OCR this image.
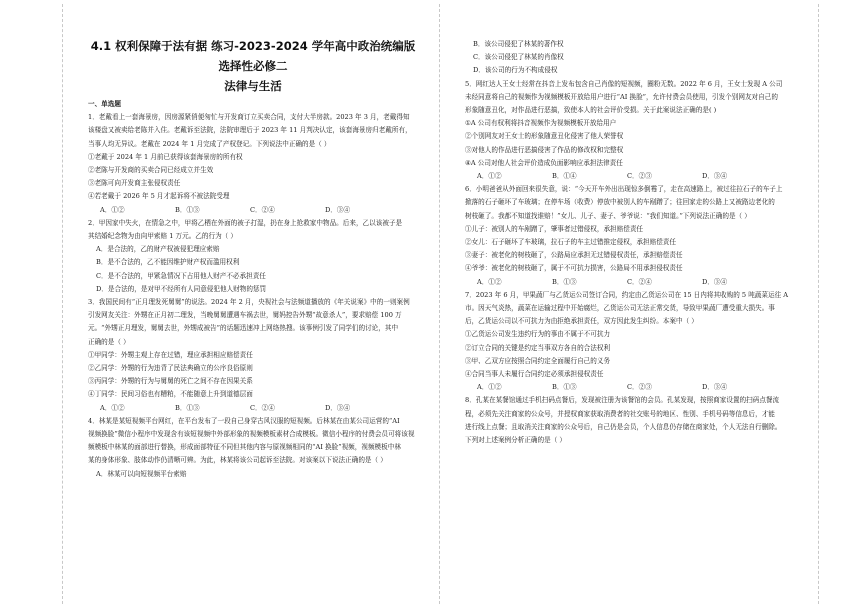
4.1 权利保障于法有据 练习-2023-2024 学年高中政治统编版选择性必修二
法律与生活
一、单选题

1．老戴看上一套海景房，因房源紧俏便匆忙与开发商订立买卖合同，支付大半房款。2023 年 3 月，老戴得知

该楼盘又被卖给老陈并入住。老戴诉至法院，法院审理后于 2023 年 11 月判决认定，该套海景房归老戴所有，

当事人均无异议。老戴在 2024 年 1 月完成了产权登记。下列说法中正确的是（ ）

①老戴于 2024 年 1 月前已获得该套海景房的所有权

②老陈与开发商的买卖合同已经成立并生效

③老陈可向开发商主张侵权责任

④若老戴于 2026 年 5 月才起诉将不被法院受理

A．①②	B．①③	C．②④	D．③④

2．甲因家中失火，在情急之中，甲将乙栖在外面的被子打湿，扔在身上抢救家中物品。后来，乙以该被子是

其结婚纪念物为由向甲索赔 1 万元。乙的行为（ ）

A．是合法的，乙的财产权被侵犯理应索赔

B．是不合法的，乙不能因维护财产权而滥用权利

C．是不合法的，甲紧急情况下占用他人财产不必承担责任

D．是合法的，是对甲不经所有人同意侵犯他人财物的惩罚

3．我国民间有“正月理发死舅舅”的说法。2024 年 2 月，央视社会与法频道播放的《年关说案》中的一则案例

引发网友关注：外甥在正月初二理发，当晚舅舅遭遇车祸去世，舅妈控告外甥“故意杀人”，要求赔偿 100 万

元。“外甥正月理发，舅舅去世，外甥成被告”的话题迅速冲上网络热搜。该事例引发了同学们的讨论，其中

正确的是（ ）

①甲同学：外甥主观上存在过错，理应承担相应赔偿责任

②乙同学：外甥的行为违背了民法典确立的公序良俗原则

③丙同学：外甥的行为与舅舅的死亡之间不存在因果关系

④丁同学：民间习俗也有糟粕，不能随意上升到道德层面

A．①②	B．①③	C．②④	D．③④

4．林某是某短视频平台网红，在平台发布了一段自己身穿古风汉服的短视频。后林某在由某公司运营的“AI

视频换脸”微信小程序中发现含有该短视频中外部形象的视频模板素材合成模板。微信小程序的付费会员可将该视

频模板中林某的面部进行替换，形成面部特征不同但其他内容与原视频相同的“AI 换脸”视频，视频模板中林

某的身体形象、肢体动作仍清晰可辨。为此，林某将该公司起诉至法院。对该案以下说法正确的是（ ）

A．林某可以向短视频平台索赔

B．该公司侵犯了林某的著作权

C．该公司侵犯了林某的肖像权

D．该公司的行为不构成侵权

5．网红达人王女士经常在抖音上发布包含自己肖像的短视频，圈粉无数。2022 年 6 月，王女士发现 A 公司

未经同意将自己的视频作为视频模板开放给用户进行“AI 换脸”，允许付费会员使用，引发个别网友对自己的

形象随意丑化，对作品进行恶搞，致使本人的社会评价受损。关于此案说法正确的是( )

①A 公司有权利将抖音视频作为视频模板开放给用户

②个别网友对王女士的形象随意丑化侵害了他人荣誉权

③对他人的作品进行恶搞侵害了作品的修改权和完整权

④A 公司对他人社会评价造成负面影响应承担法律责任

A．①②	B．①④	C．②③	D．③④

6．小明爸爸从外面回来很失意，说：“今天开车外出出现惊多倒霉了，走在高速路上，被过往拉石子的车子上

掀落的石子砸坏了车玻璃；在停车场（收费）停放中被别人的车剐蹭了；往回家走的公路上又被路边老化的

树枝砸了。我都不知道找谁赔！”女儿、儿子、妻子、爷爷说：“我们知道。”下列说法正确的是（ ）

①儿子：被别人的车剐蹭了，肇事者过错侵权，承担赔偿责任

②女儿：石子砸坏了车玻璃，拉石子的车主过错推定侵权，承担赔偿责任

③妻子：被老化的树枝砸了，公路局应承担无过错侵权责任，承担赔偿责任

④爷爷：被老化的树枝砸了，属于不可抗力损害，公路局不用承担侵权责任

A．①②	B．①③	C．②④	D．③④

7．2023 年 6 月，甲果蔬厂与乙货运公司签订合同，约定由乙货运公司在 15 日内将其收购的 5 吨蔬菜运往 A

市。因天气炎热，蔬菜在运输过程中开始腐烂，乙货运公司无法正常交货，导致甲果蔬厂遭受重大损失。事

后，乙货运公司以不可抗力为由拒绝承担责任，双方因此发生纠纷。本案中（ ）

①乙货运公司发生违约行为的事由不属于不可抗力

②订立合同的关键是约定当事双方各自的合法权利

③甲、乙双方应按照合同约定全面履行自己的义务

④合同当事人未履行合同约定必须承担侵权责任

A．①②	B．①③	C．②③	D．③④

8．孔某在某餐馆通过手机扫码点餐后，发现被注册为该餐馆的会员。孔某发现，按照商家设置的扫码点餐流

程，必须先关注商家的公众号，并授权商家获取消费者的社交账号的地区、性别、手机号码等信息后，才能

进行线上点餐；且取消关注商家的公众号后，自己仍是会员，个人信息仍存储在商家处，个人无法自行删除。

下列对上述案例分析正确的是（ ）
